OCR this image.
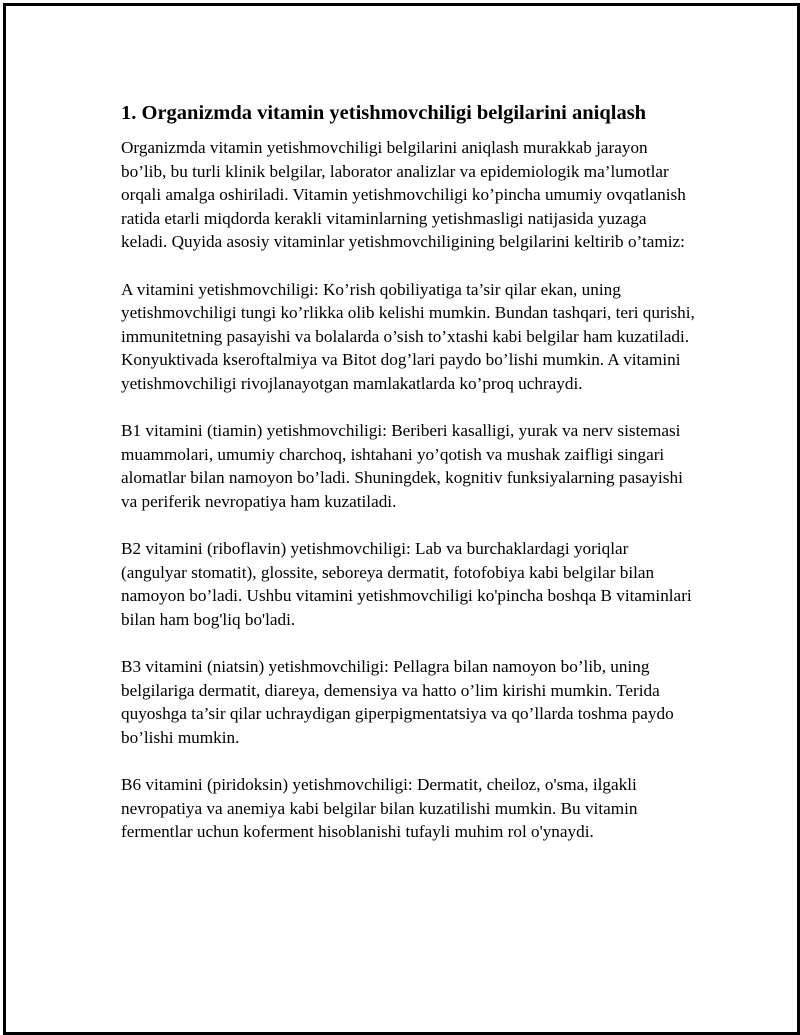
1. Organizmda vitamin yetishmovchiligi belgilarini aniqlash

Organizmda vitamin yetishmovchiligi belgilarini aniqlash murakkab jarayon bo’lib, bu turli klinik belgilar, laborator analizlar va epidemiologik ma’lumotlar orqali amalga oshiriladi. Vitamin yetishmovchiligi ko’pincha umumiy ovqatlanish ratida etarli miqdorda kerakli vitaminlarning yetishmasligi natijasida yuzaga keladi. Quyida asosiy vitaminlar yetishmovchiligining belgilarini keltirib o’tamiz:

A vitamini yetishmovchiligi: Ko’rish qobiliyatiga ta’sir qilar ekan, uning yetishmovchiligi tungi ko’rlikka olib kelishi mumkin. Bundan tashqari, teri qurishi, immunitetning pasayishi va bolalarda o’sish to’xtashi kabi belgilar ham kuzatiladi. Konyuktivada kseroftalmiya va Bitot dog’lari paydo bo’lishi mumkin. A vitamini yetishmovchiligi rivojlanayotgan mamlakatlarda ko’proq uchraydi.

B1 vitamini (tiamin) yetishmovchiligi: Beriberi kasalligi, yurak va nerv sistemasi muammolari, umumiy charchoq, ishtahani yo’qotish va mushak zaifligi singari alomatlar bilan namoyon bo’ladi. Shuningdek, kognitiv funksiyalarning pasayishi va periferik nevropatiya ham kuzatiladi.

B2 vitamini (riboflavin) yetishmovchiligi: Lab va burchaklardagi yoriqlar (angulyar stomatit), glossite, seboreya dermatit, fotofobiya kabi belgilar bilan namoyon bo’ladi. Ushbu vitamini yetishmovchiligi ko'pincha boshqa B vitaminlari bilan ham bog'liq bo'ladi.

B3 vitamini (niatsin) yetishmovchiligi: Pellagra bilan namoyon bo’lib, uning belgilariga dermatit, diareya, demensiya va hatto o’lim kirishi mumkin. Terida quyoshga ta’sir qilar uchraydigan giperpigmentatsiya va qo’llarda toshma paydo bo’lishi mumkin.

B6 vitamini (piridoksin) yetishmovchiligi: Dermatit, cheiloz, o'sma, ilgakli nevropatiya va anemiya kabi belgilar bilan kuzatilishi mumkin. Bu vitamin fermentlar uchun koferment hisoblanishi tufayli muhim rol o'ynaydi.
